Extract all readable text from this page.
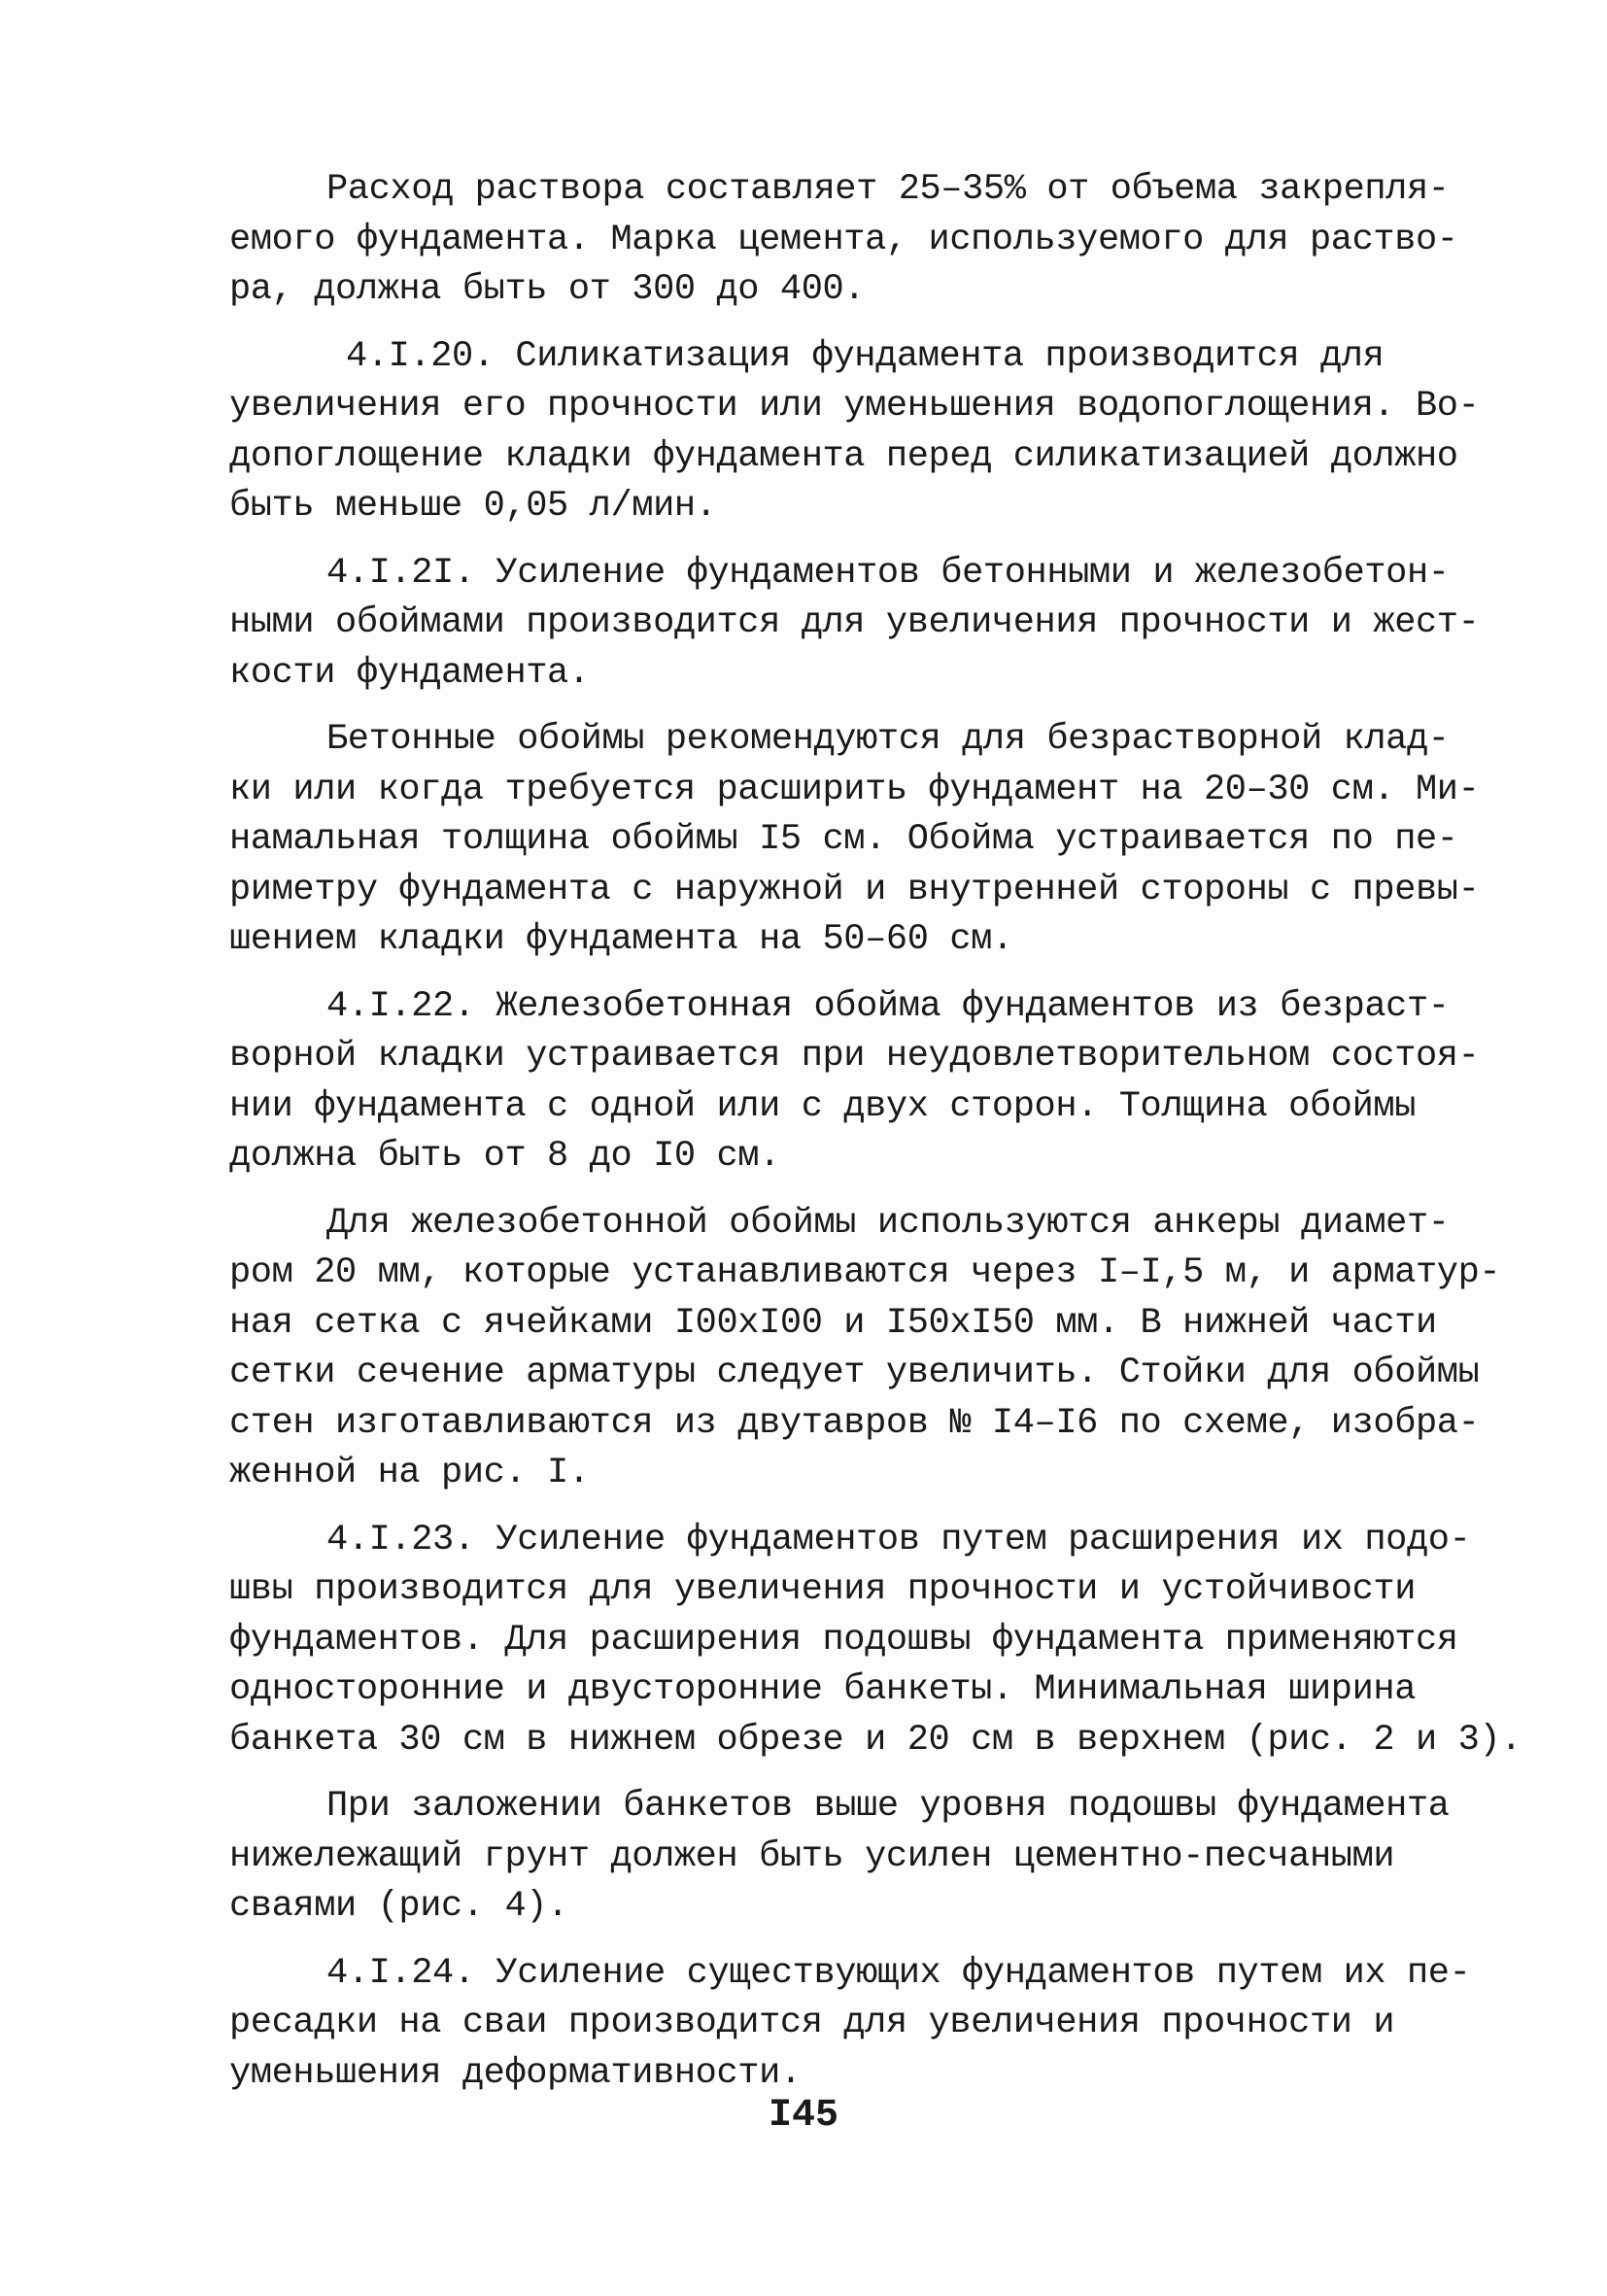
Расход раствора составляет 25–35% от объема закрепля-
емого фундамента. Марка цемента, используемого для раство-
ра, должна быть от 300 до 400.

4.I.20. Силикатизация фундамента производится для
увеличения его прочности или уменьшения водопоглощения. Во-
допоглощение кладки фундамента перед силикатизацией должно
быть меньше 0,05 л/мин.

4.I.2I. Усиление фундаментов бетонными и железобетон-
ными обоймами производится для увеличения прочности и жест-
кости фундамента.

Бетонные обоймы рекомендуются для безрастворной клад-
ки или когда требуется расширить фундамент на 20–30 см. Ми-
намальная толщина обоймы I5 см. Обойма устраивается по пе-
риметру фундамента с наружной и внутренней стороны с превы-
шением кладки фундамента на 50–60 см.

4.I.22. Железобетонная обойма фундаментов из безраст-
ворной кладки устраивается при неудовлетворительном состоя-
нии фундамента с одной или с двух сторон. Толщина обоймы
должна быть от 8 до I0 см.

Для железобетонной обоймы используются анкеры диамет-
ром 20 мм, которые устанавливаются через I–I,5 м, и арматур-
ная сетка с ячейками I00хI00 и I50хI50 мм. В нижней части
сетки сечение арматуры следует увеличить. Стойки для обоймы
стен изготавливаются из двутавров № I4–I6 по схеме, изобра-
женной на рис. I.

4.I.23. Усиление фундаментов путем расширения их подо-
швы производится для увеличения прочности и устойчивости
фундаментов. Для расширения подошвы фундамента применяются
односторонние и двусторонние банкеты. Минимальная ширина
банкета 30 см в нижнем обрезе и 20 см в верхнем (рис. 2 и 3).

При заложении банкетов выше уровня подошвы фундамента
нижележащий грунт должен быть усилен цементно-песчаными
сваями (рис. 4).

4.I.24. Усиление существующих фундаментов путем их пе-
ресадки на сваи производится для увеличения прочности и
уменьшения деформативности.

I45
